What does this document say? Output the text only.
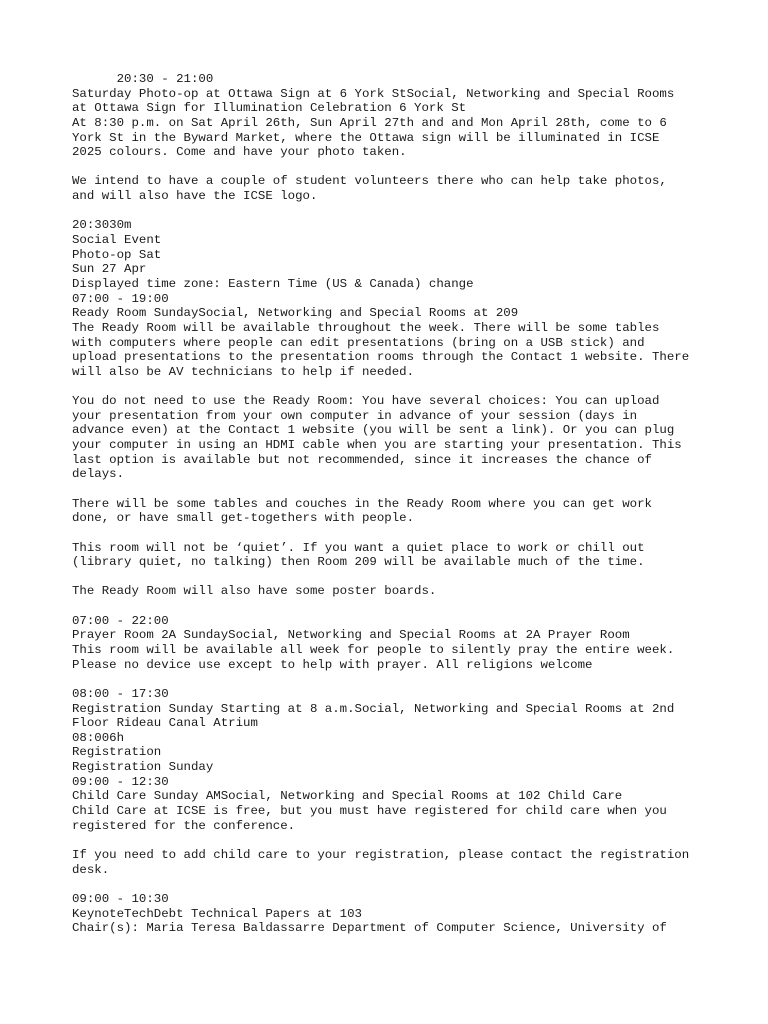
20:30 - 21:00
Saturday Photo-op at Ottawa Sign at 6 York StSocial, Networking and Special Rooms
at Ottawa Sign for Illumination Celebration 6 York St
At 8:30 p.m. on Sat April 26th, Sun April 27th and and Mon April 28th, come to 6
York St in the Byward Market, where the Ottawa sign will be illuminated in ICSE
2025 colours. Come and have your photo taken.
We intend to have a couple of student volunteers there who can help take photos,
and will also have the ICSE logo.
20:3030m
Social Event
Photo-op Sat
Sun 27 Apr
Displayed time zone: Eastern Time (US & Canada) change
07:00 - 19:00
Ready Room SundaySocial, Networking and Special Rooms at 209
The Ready Room will be available throughout the week. There will be some tables
with computers where people can edit presentations (bring on a USB stick) and
upload presentations to the presentation rooms through the Contact 1 website. There
will also be AV technicians to help if needed.
You do not need to use the Ready Room: You have several choices: You can upload
your presentation from your own computer in advance of your session (days in
advance even) at the Contact 1 website (you will be sent a link). Or you can plug
your computer in using an HDMI cable when you are starting your presentation. This
last option is available but not recommended, since it increases the chance of
delays.
There will be some tables and couches in the Ready Room where you can get work
done, or have small get-togethers with people.
This room will not be ‘quiet’. If you want a quiet place to work or chill out
(library quiet, no talking) then Room 209 will be available much of the time.
The Ready Room will also have some poster boards.
07:00 - 22:00
Prayer Room 2A SundaySocial, Networking and Special Rooms at 2A Prayer Room
This room will be available all week for people to silently pray the entire week.
Please no device use except to help with prayer. All religions welcome
08:00 - 17:30
Registration Sunday Starting at 8 a.m.Social, Networking and Special Rooms at 2nd
Floor Rideau Canal Atrium
08:006h
Registration
Registration Sunday
09:00 - 12:30
Child Care Sunday AMSocial, Networking and Special Rooms at 102 Child Care
Child Care at ICSE is free, but you must have registered for child care when you
registered for the conference.
If you need to add child care to your registration, please contact the registration
desk.
09:00 - 10:30
KeynoteTechDebt Technical Papers at 103
Chair(s): Maria Teresa Baldassarre Department of Computer Science, University of
